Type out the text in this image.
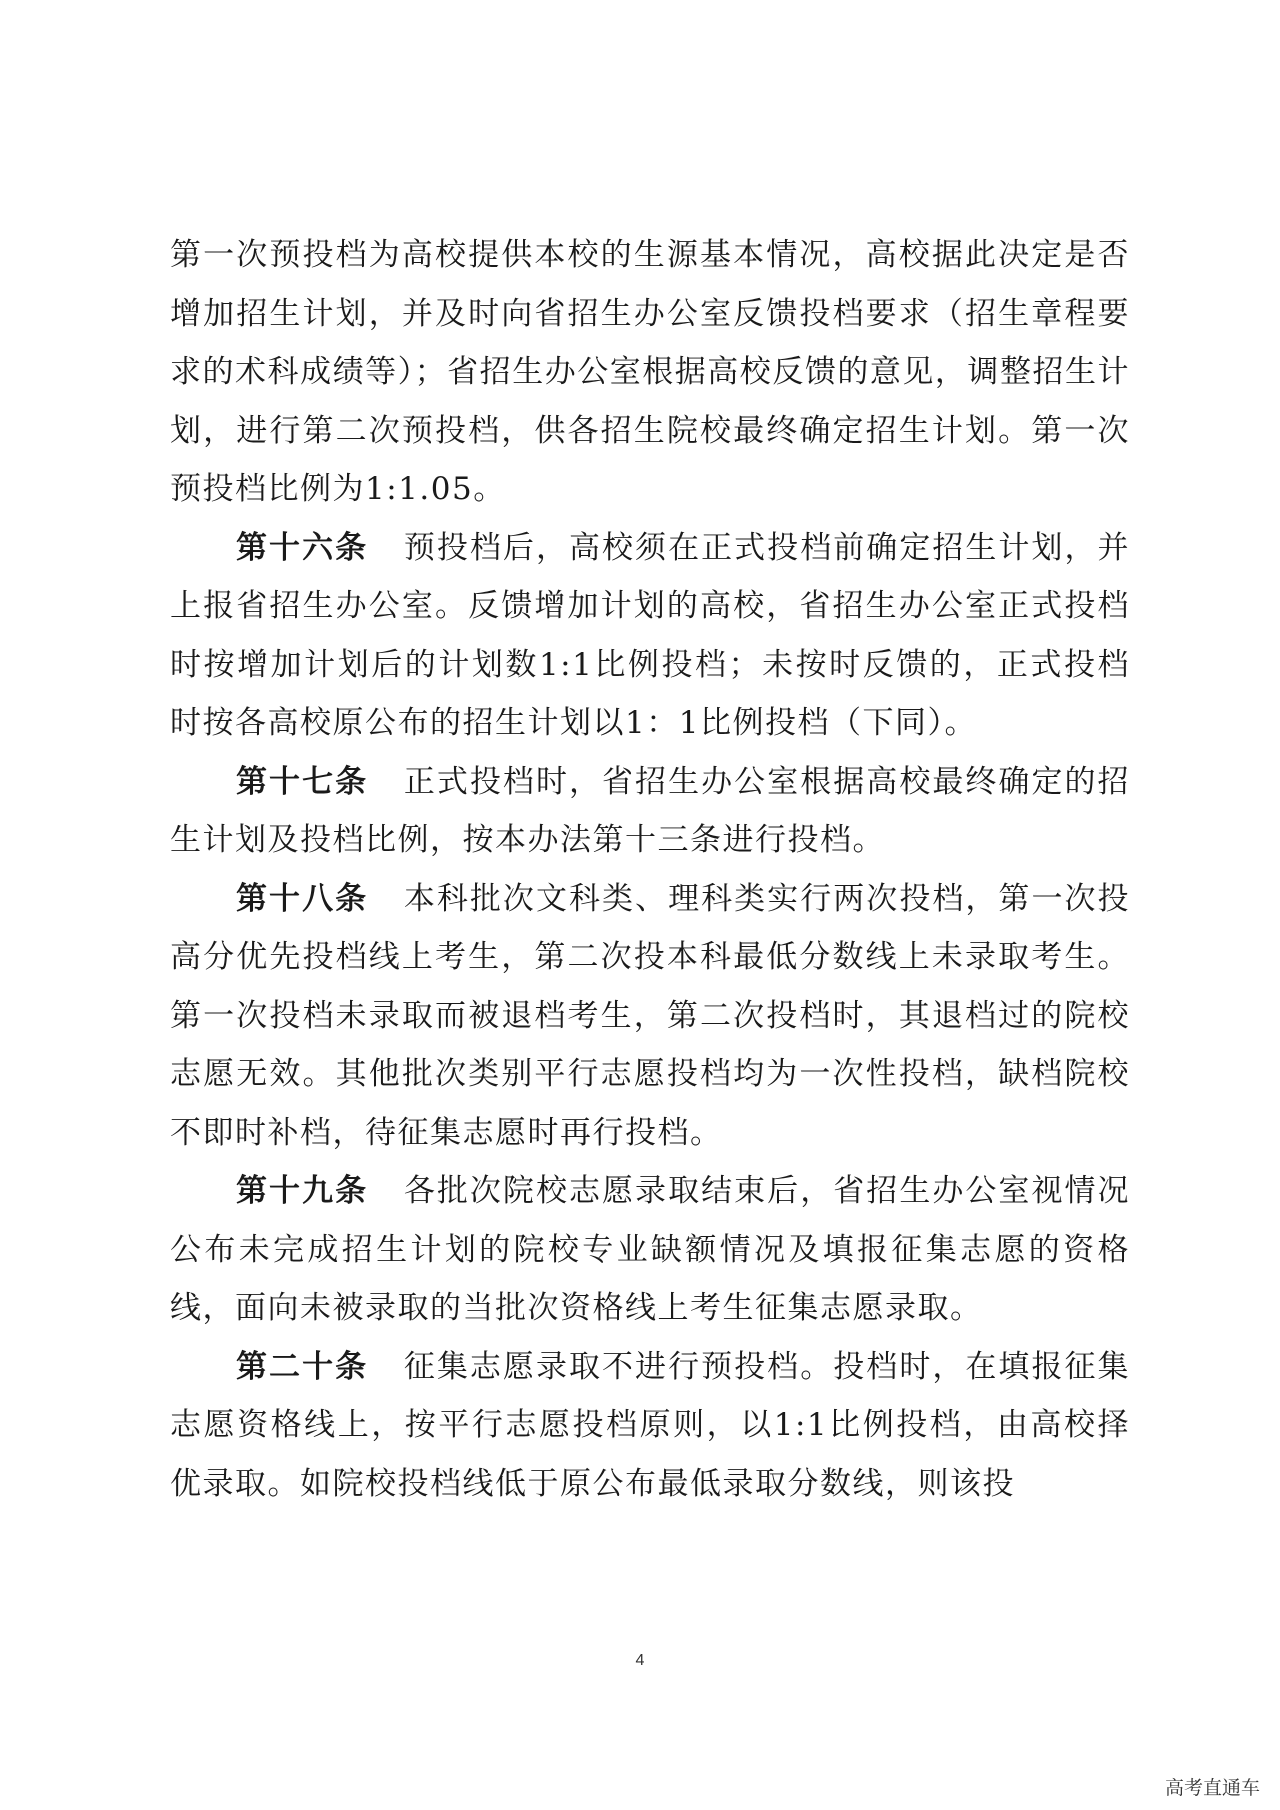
第一次预投档为高校提供本校的生源基本情况，高校据此决定是否增加招生计划，并及时向省招生办公室反馈投档要求（招生章程要求的术科成绩等）；省招生办公室根据高校反馈的意见，调整招生计划，进行第二次预投档，供各招生院校最终确定招生计划。第一次预投档比例为1:1.05。

第十六条 预投档后，高校须在正式投档前确定招生计划，并上报省招生办公室。反馈增加计划的高校，省招生办公室正式投档时按增加计划后的计划数1:1比例投档；未按时反馈的，正式投档时按各高校原公布的招生计划以1：1比例投档（下同）。

第十七条 正式投档时，省招生办公室根据高校最终确定的招生计划及投档比例，按本办法第十三条进行投档。

第十八条 本科批次文科类、理科类实行两次投档，第一次投高分优先投档线上考生，第二次投本科最低分数线上未录取考生。第一次投档未录取而被退档考生，第二次投档时，其退档过的院校志愿无效。其他批次类别平行志愿投档均为一次性投档，缺档院校不即时补档，待征集志愿时再行投档。

第十九条 各批次院校志愿录取结束后，省招生办公室视情况公布未完成招生计划的院校专业缺额情况及填报征集志愿的资格线，面向未被录取的当批次资格线上考生征集志愿录取。

第二十条 征集志愿录取不进行预投档。投档时，在填报征集志愿资格线上，按平行志愿投档原则，以1:1比例投档，由高校择优录取。如院校投档线低于原公布最低录取分数线，则该投

4
高考直通车
